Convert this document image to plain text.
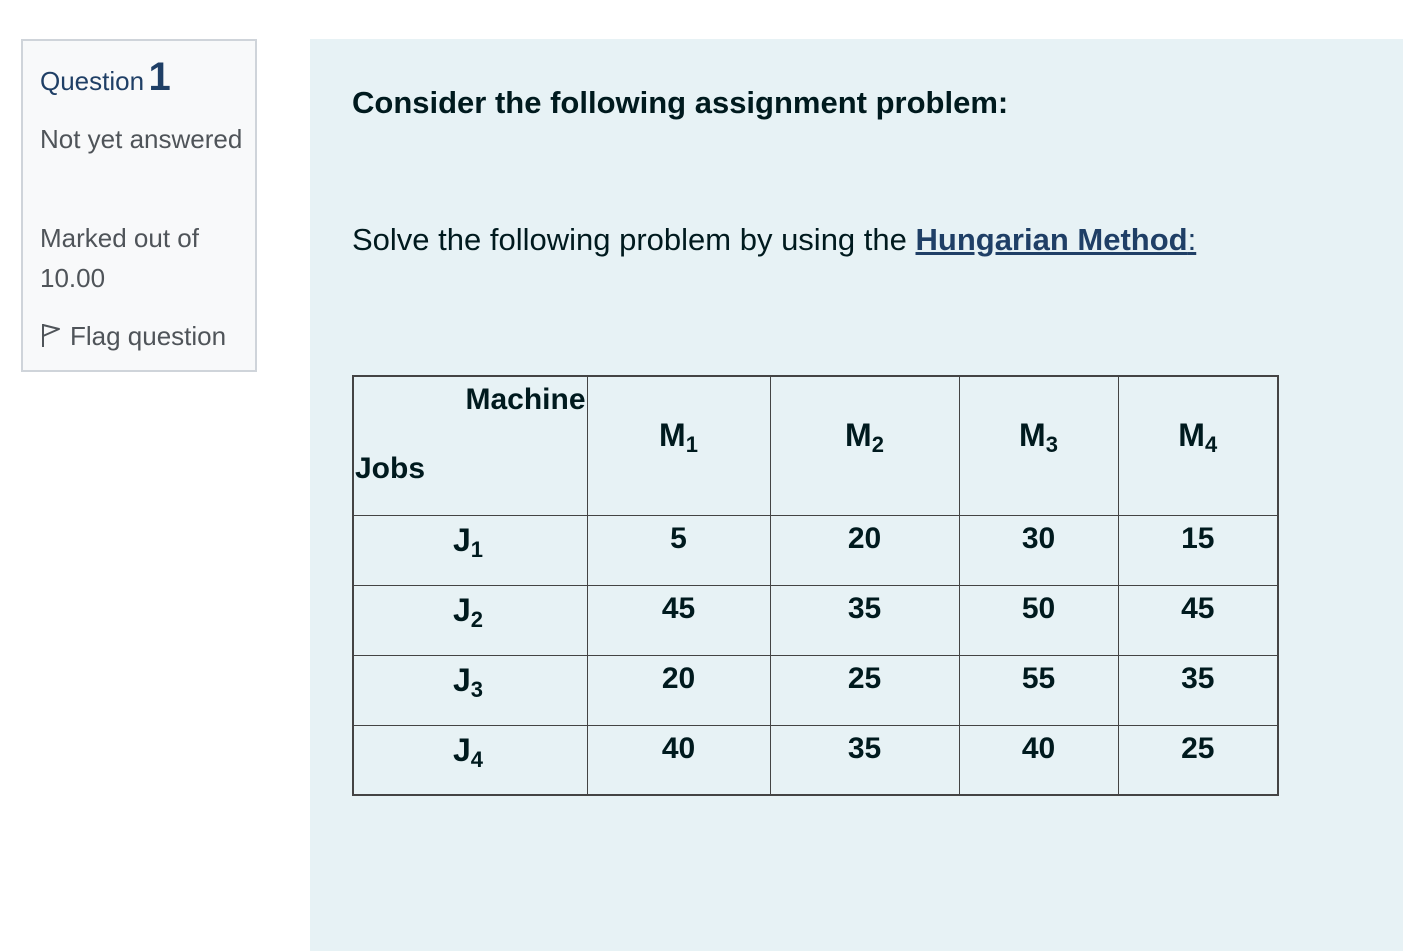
Question 1
Not yet answered
Marked out of 10.00
Flag question
Consider the following assignment problem:
Solve the following problem by using the Hungarian Method:
Machine
Jobs	$M_1$	$M_2$	$M_3$	$M_4$
$J_1$	5	20	30	15
$J_2$	45	35	50	45
$J_3$	20	25	55	35
$J_4$	40	35	40	25
